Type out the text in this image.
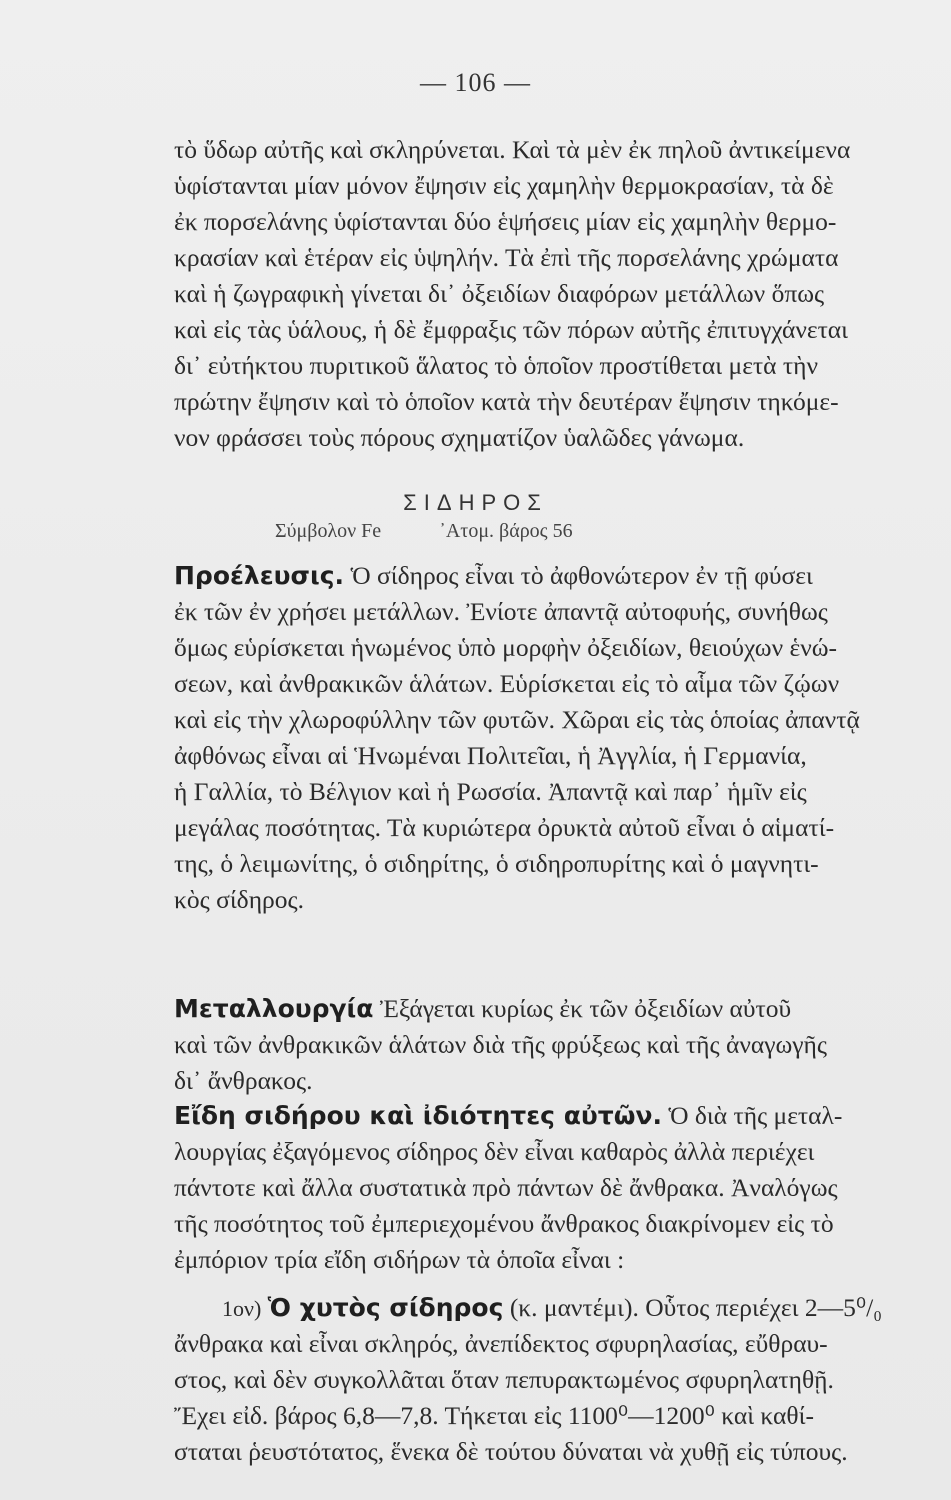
— 106 —
τὸ ὕδωρ αὐτῆς καὶ σκληρύνεται. Καὶ τὰ μὲν ἐκ πηλοῦ ἀντικείμενα
ὑφίστανται μίαν μόνον ἔψησιν εἰς χαμηλὴν θερμοκρασίαν, τὰ δὲ
ἐκ πορσελάνης ὑφίστανται δύο ἑψήσεις μίαν εἰς χαμηλὴν θερμο-
κρασίαν καὶ ἑτέραν εἰς ὑψηλήν. Τὰ ἐπὶ τῆς πορσελάνης χρώματα
καὶ ἡ ζωγραφικὴ γίνεται δι᾽ ὀξειδίων διαφόρων μετάλλων ὅπως
καὶ εἰς τὰς ὑάλους, ἡ δὲ ἔμφραξις τῶν πόρων αὐτῆς ἐπιτυγχάνεται
δι᾽ εὐτήκτου πυριτικοῦ ἅλατος τὸ ὁποῖον προστίθεται μετὰ τὴν
πρώτην ἔψησιν καὶ τὸ ὁποῖον κατὰ τὴν δευτέραν ἔψησιν τηκόμε-
νον φράσσει τοὺς πόρους σχηματίζον ὑαλῶδες γάνωμα.
ΣΙΔΗΡΟΣ
Σύμβολον Fe	᾿Ατομ. βάρος 56
Προέλευσις. Ὁ σίδηρος εἶναι τὸ ἀφθονώτερον ἐν τῇ φύσει
ἐκ τῶν ἐν χρήσει μετάλλων. Ἐνίοτε ἀπαντᾷ αὐτοφυής, συνήθως
ὅμως εὑρίσκεται ἡνωμένος ὑπὸ μορφὴν ὀξειδίων, θειούχων ἑνώ-
σεων, καὶ ἀνθρακικῶν ἁλάτων. Εὑρίσκεται εἰς τὸ αἷμα τῶν ζῴων
καὶ εἰς τὴν χλωροφύλλην τῶν φυτῶν. Χῶραι εἰς τὰς ὁποίας ἀπαντᾷ
ἀφθόνως εἶναι αἱ Ἡνωμέναι Πολιτεῖαι, ἡ Ἀγγλία, ἡ Γερμανία,
ἡ Γαλλία, τὸ Βέλγιον καὶ ἡ Ρωσσία. Ἀπαντᾷ καὶ παρ᾽ ἡμῖν εἰς
μεγάλας ποσότητας. Τὰ κυριώτερα ὀρυκτὰ αὐτοῦ εἶναι ὁ αἱματί-
της, ὁ λειμωνίτης, ὁ σιδηρίτης, ὁ σιδηροπυρίτης καὶ ὁ μαγνητι-
κὸς σίδηρος.
Μεταλλουργία Ἐξάγεται κυρίως ἐκ τῶν ὀξειδίων αὐτοῦ
καὶ τῶν ἀνθρακικῶν ἁλάτων διὰ τῆς φρύξεως καὶ τῆς ἀναγωγῆς
δι᾽ ἄνθρακος.
Εἴδη σιδήρου καὶ ἰδιότητες αὐτῶν. Ὁ διὰ τῆς μεταλ-
λουργίας ἐξαγόμενος σίδηρος δὲν εἶναι καθαρὸς ἀλλὰ περιέχει
πάντοτε καὶ ἄλλα συστατικὰ πρὸ πάντων δὲ ἄνθρακα. Ἀναλόγως
τῆς ποσότητος τοῦ ἐμπεριεχομένου ἄνθρακος διακρίνομεν εἰς τὸ
ἐμπόριον τρία εἴδη σιδήρων τὰ ὁποῖα εἶναι :
1ον) Ὁ χυτὸς σίδηρος (κ. μαντέμι). Οὗτος περιέχει 2—5⁰/₀
ἄνθρακα καὶ εἶναι σκληρός, ἀνεπίδεκτος σφυρηλασίας, εὔθραυ-
στος, καὶ δὲν συγκολλᾶται ὅταν πεπυρακτωμένος σφυρηλατηθῇ.
Ἔχει εἰδ. βάρος 6,8—7,8. Τήκεται εἰς 1100⁰—1200⁰ καὶ καθί-
σταται ῥευστότατος, ἕνεκα δὲ τούτου δύναται νὰ χυθῇ εἰς τύπους.
